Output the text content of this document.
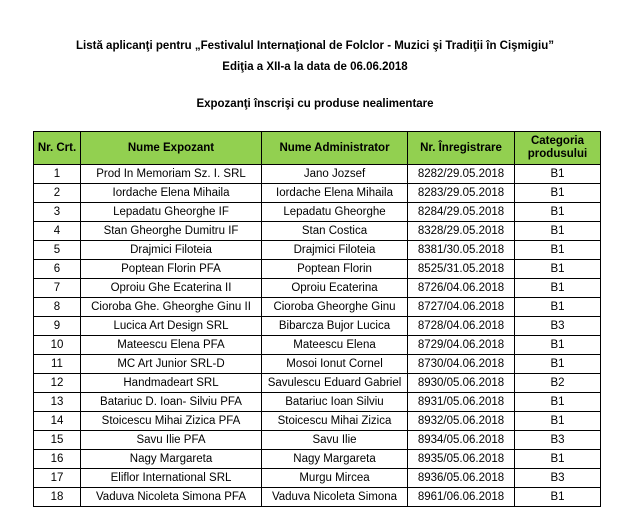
Listă aplicanţi pentru „Festivalul Internaţional de Folclor - Muzici şi Tradiţii în Cişmigiu”
Ediţia a XII-a la data de 06.06.2018
Expozanţi înscrişi cu produse nealimentare
Nr. Crt.	Nume Expozant	Nume Administrator	Nr. Înregistrare	Categoria produsului
1	Prod In Memoriam Sz. I. SRL	Jano Jozsef	8282/29.05.2018	B1
2	Iordache Elena Mihaila	Iordache Elena Mihaila	8283/29.05.2018	B1
3	Lepadatu Gheorghe IF	Lepadatu Gheorghe	8284/29.05.2018	B1
4	Stan Gheorghe Dumitru IF	Stan Costica	8328/29.05.2018	B1
5	Drajmici Filoteia	Drajmici Filoteia	8381/30.05.2018	B1
6	Poptean Florin PFA	Poptean Florin	8525/31.05.2018	B1
7	Oproiu Ghe Ecaterina II	Oproiu Ecaterina	8726/04.06.2018	B1
8	Cioroba Ghe. Gheorghe Ginu II	Cioroba Gheorghe Ginu	8727/04.06.2018	B1
9	Lucica Art Design SRL	Bibarcza Bujor Lucica	8728/04.06.2018	B3
10	Mateescu Elena PFA	Mateescu Elena	8729/04.06.2018	B1
11	MC Art Junior SRL-D	Mosoi Ionut Cornel	8730/04.06.2018	B1
12	Handmadeart SRL	Savulescu Eduard Gabriel	8930/05.06.2018	B2
13	Batariuc D. Ioan- Silviu PFA	Batariuc Ioan Silviu	8931/05.06.2018	B1
14	Stoicescu Mihai Zizica PFA	Stoicescu Mihai Zizica	8932/05.06.2018	B1
15	Savu Ilie PFA	Savu Ilie	8934/05.06.2018	B3
16	Nagy Margareta	Nagy Margareta	8935/05.06.2018	B1
17	Eliflor International SRL	Murgu Mircea	8936/05.06.2018	B3
18	Vaduva Nicoleta Simona PFA	Vaduva Nicoleta Simona	8961/06.06.2018	B1
